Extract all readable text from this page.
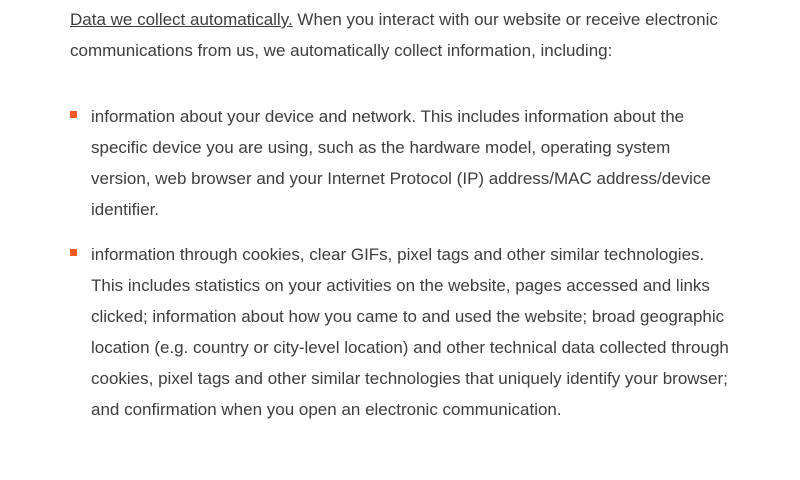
Data we collect automatically. When you interact with our website or receive electronic communications from us, we automatically collect information, including:

information about your device and network. This includes information about the specific device you are using, such as the hardware model, operating system version, web browser and your Internet Protocol (IP) address/MAC address/device identifier.
information through cookies, clear GIFs, pixel tags and other similar technologies. This includes statistics on your activities on the website, pages accessed and links clicked; information about how you came to and used the website; broad geographic location (e.g. country or city-level location) and other technical data collected through cookies, pixel tags and other similar technologies that uniquely identify your browser; and confirmation when you open an electronic communication.
